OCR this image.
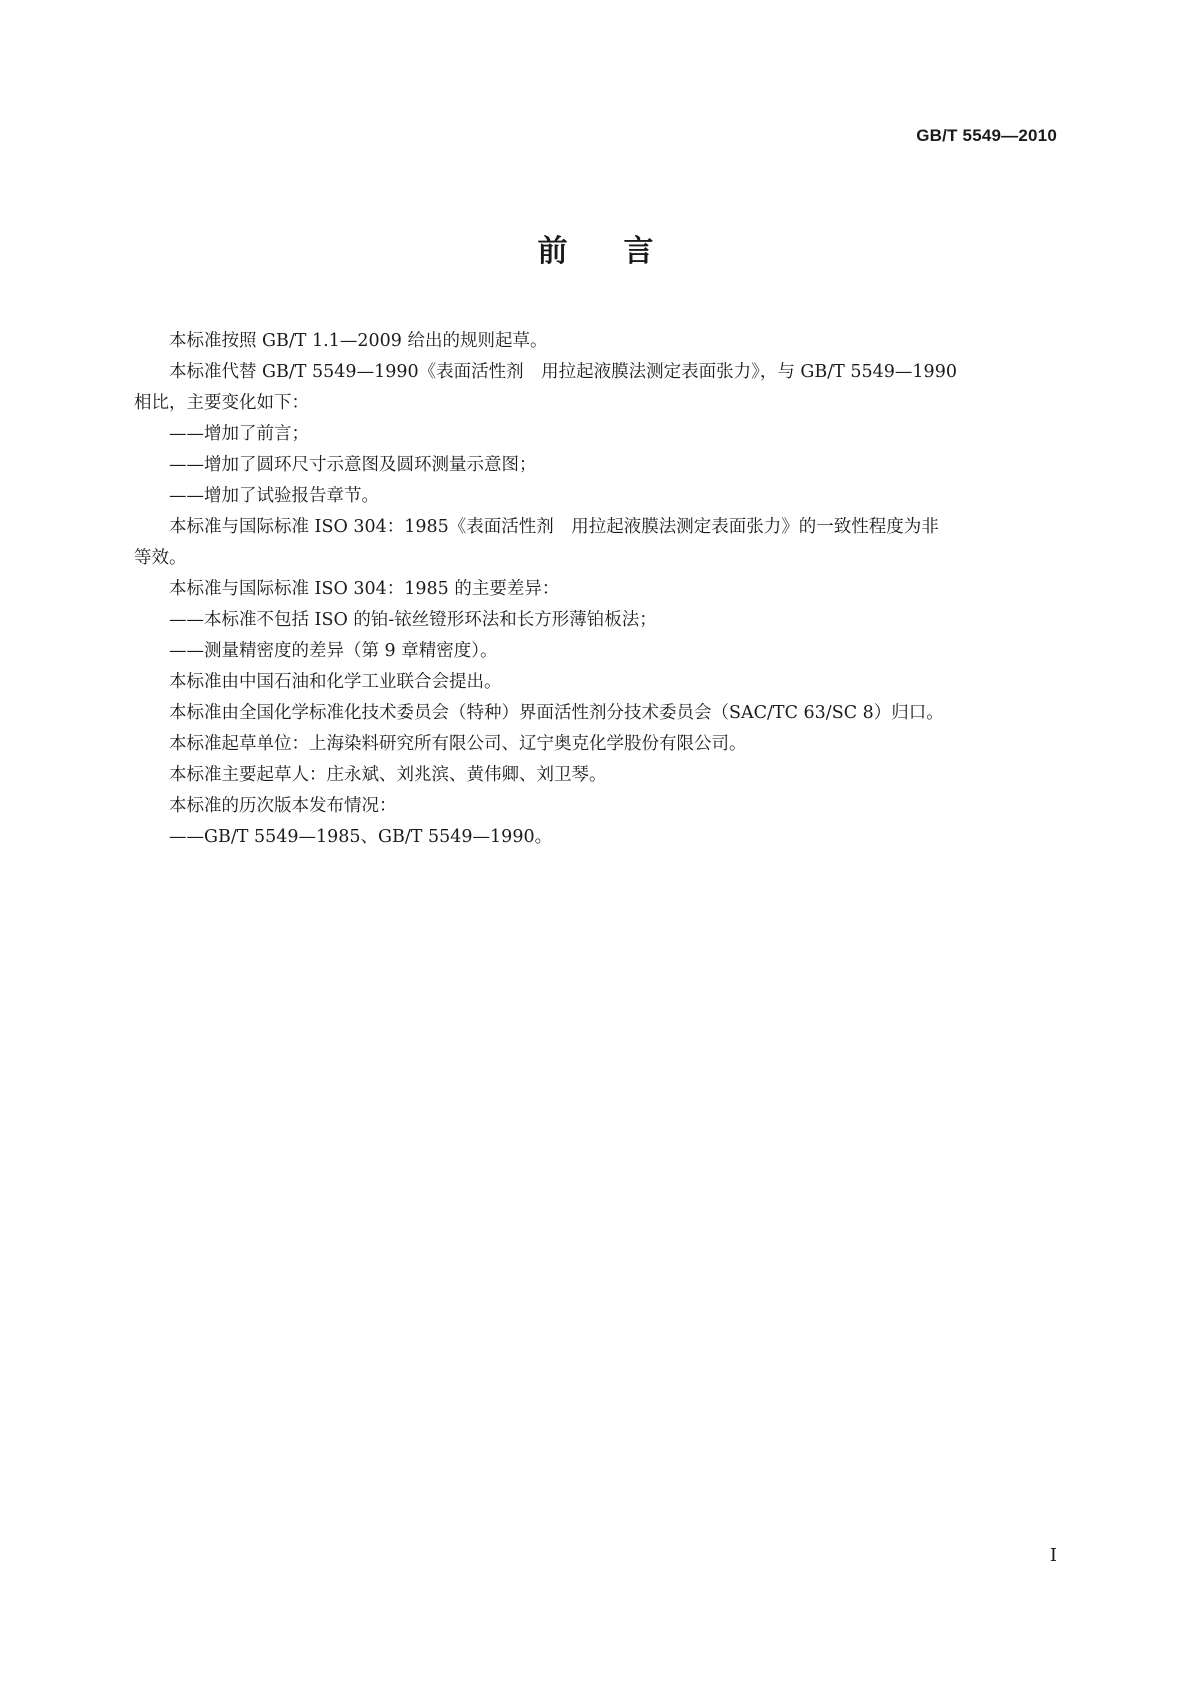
GB/T 5549—2010
前言

本标准按照 GB/T 1.1—2009 给出的规则起草。

本标准代替 GB/T 5549—1990《表面活性剂　用拉起液膜法测定表面张力》，与 GB/T 5549—1990

相比，主要变化如下：

——增加了前言；

——增加了圆环尺寸示意图及圆环测量示意图；

——增加了试验报告章节。

本标准与国际标准 ISO 304：1985《表面活性剂　用拉起液膜法测定表面张力》的一致性程度为非

等效。

本标准与国际标准 ISO 304：1985 的主要差异：

——本标准不包括 ISO 的铂-铱丝镫形环法和长方形薄铂板法；

——测量精密度的差异（第 9 章精密度）。

本标准由中国石油和化学工业联合会提出。

本标准由全国化学标准化技术委员会（特种）界面活性剂分技术委员会（SAC/TC 63/SC 8）归口。

本标准起草单位：上海染料研究所有限公司、辽宁奥克化学股份有限公司。

本标准主要起草人：庄永斌、刘兆滨、黄伟卿、刘卫琴。

本标准的历次版本发布情况：

——GB/T 5549—1985、GB/T 5549—1990。

I
